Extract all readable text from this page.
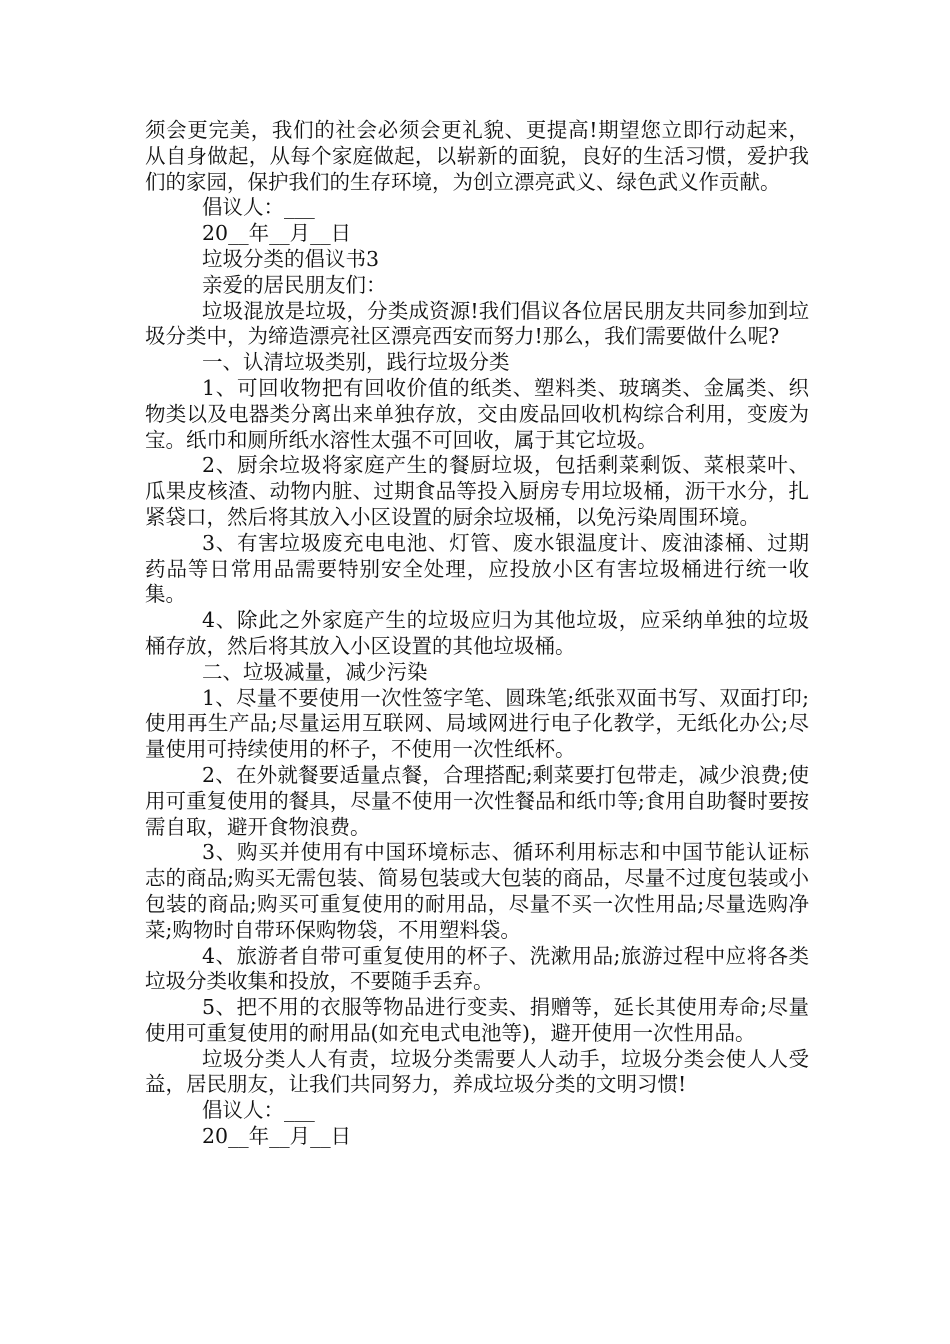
须会更完美，我们的社会必须会更礼貌、更提高!期望您立即行动起来，从自身做起，从每个家庭做起，以崭新的面貌，良好的生活习惯，爱护我们的家园，保护我们的生存环境，为创立漂亮武义、绿色武义作贡献。

倡议人：___

20__年__月__日

垃圾分类的倡议书3

亲爱的居民朋友们：

垃圾混放是垃圾，分类成资源!我们倡议各位居民朋友共同参加到垃圾分类中，为缔造漂亮社区漂亮西安而努力!那么，我们需要做什么呢?

一、认清垃圾类别，践行垃圾分类

1、可回收物把有回收价值的纸类、塑料类、玻璃类、金属类、织物类以及电器类分离出来单独存放，交由废品回收机构综合利用，变废为宝。纸巾和厕所纸水溶性太强不可回收，属于其它垃圾。

2、厨余垃圾将家庭产生的餐厨垃圾，包括剩菜剩饭、菜根菜叶、瓜果皮核渣、动物内脏、过期食品等投入厨房专用垃圾桶，沥干水分，扎紧袋口，然后将其放入小区设置的厨余垃圾桶，以免污染周围环境。

3、有害垃圾废充电电池、灯管、废水银温度计、废油漆桶、过期药品等日常用品需要特别安全处理，应投放小区有害垃圾桶进行统一收集。

4、除此之外家庭产生的垃圾应归为其他垃圾，应采纳单独的垃圾桶存放，然后将其放入小区设置的其他垃圾桶。

二、垃圾减量，减少污染

1、尽量不要使用一次性签字笔、圆珠笔;纸张双面书写、双面打印;使用再生产品;尽量运用互联网、局域网进行电子化教学，无纸化办公;尽量使用可持续使用的杯子，不使用一次性纸杯。

2、在外就餐要适量点餐，合理搭配;剩菜要打包带走，减少浪费;使用可重复使用的餐具，尽量不使用一次性餐品和纸巾等;食用自助餐时要按需自取，避开食物浪费。

3、购买并使用有中国环境标志、循环利用标志和中国节能认证标志的商品;购买无需包装、简易包装或大包装的商品，尽量不过度包装或小包装的商品;购买可重复使用的耐用品，尽量不买一次性用品;尽量选购净菜;购物时自带环保购物袋，不用塑料袋。

4、旅游者自带可重复使用的杯子、洗漱用品;旅游过程中应将各类垃圾分类收集和投放，不要随手丢弃。

5、把不用的衣服等物品进行变卖、捐赠等，延长其使用寿命;尽量使用可重复使用的耐用品(如充电式电池等)，避开使用一次性用品。

垃圾分类人人有责，垃圾分类需要人人动手，垃圾分类会使人人受益，居民朋友，让我们共同努力，养成垃圾分类的文明习惯!

倡议人：___

20__年__月__日
